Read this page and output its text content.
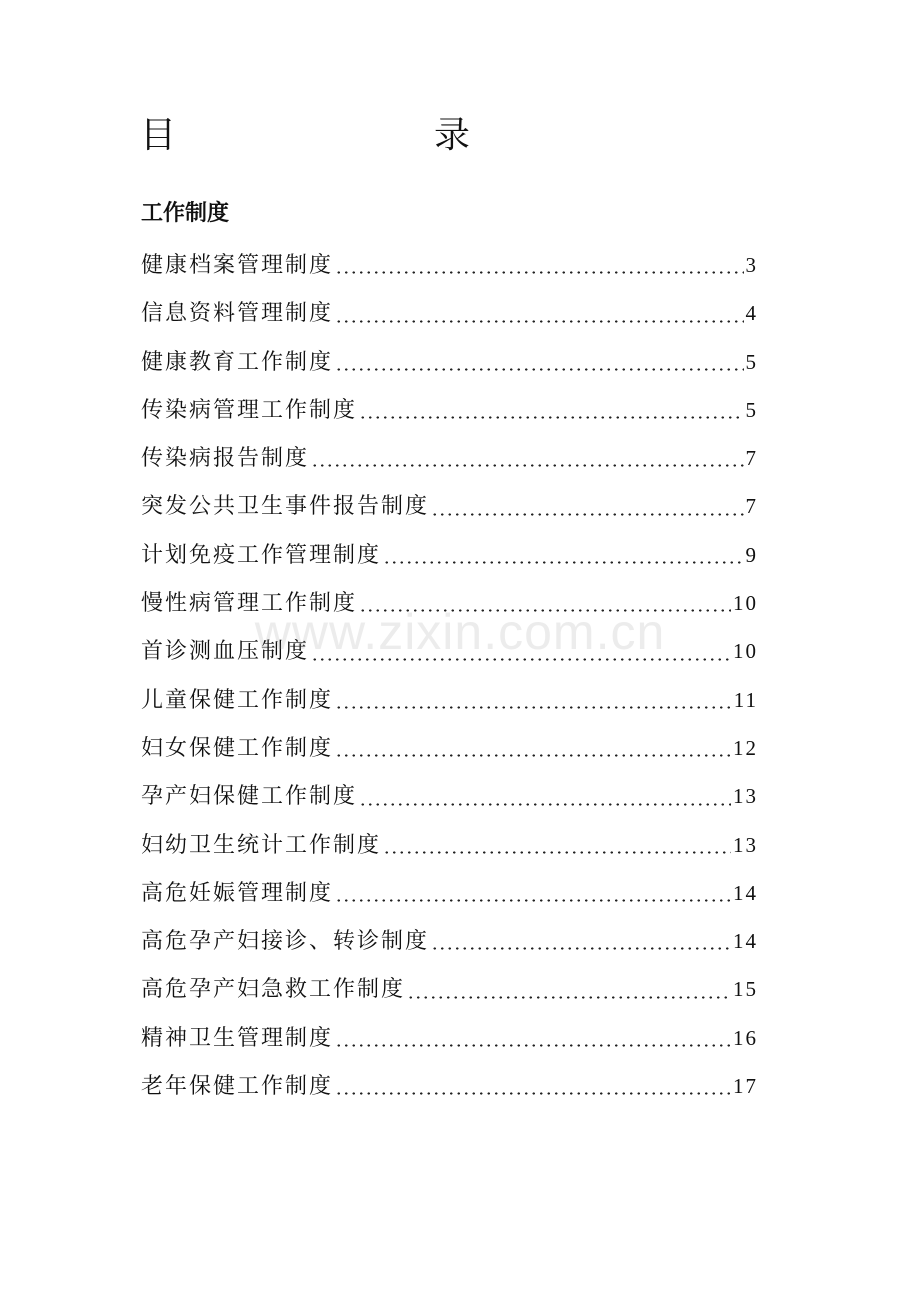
目	录
工作制度
健康档案管理制度	3
信息资料管理制度	4
健康教育工作制度	5
传染病管理工作制度	5
传染病报告制度	7
突发公共卫生事件报告制度	7
计划免疫工作管理制度	9
慢性病管理工作制度	10
首诊测血压制度	10
儿童保健工作制度	11
妇女保健工作制度	12
孕产妇保健工作制度	13
妇幼卫生统计工作制度	13
高危妊娠管理制度	14
高危孕产妇接诊、转诊制度	14
高危孕产妇急救工作制度	15
精神卫生管理制度	16
老年保健工作制度	17
www.zixin.com.cn
